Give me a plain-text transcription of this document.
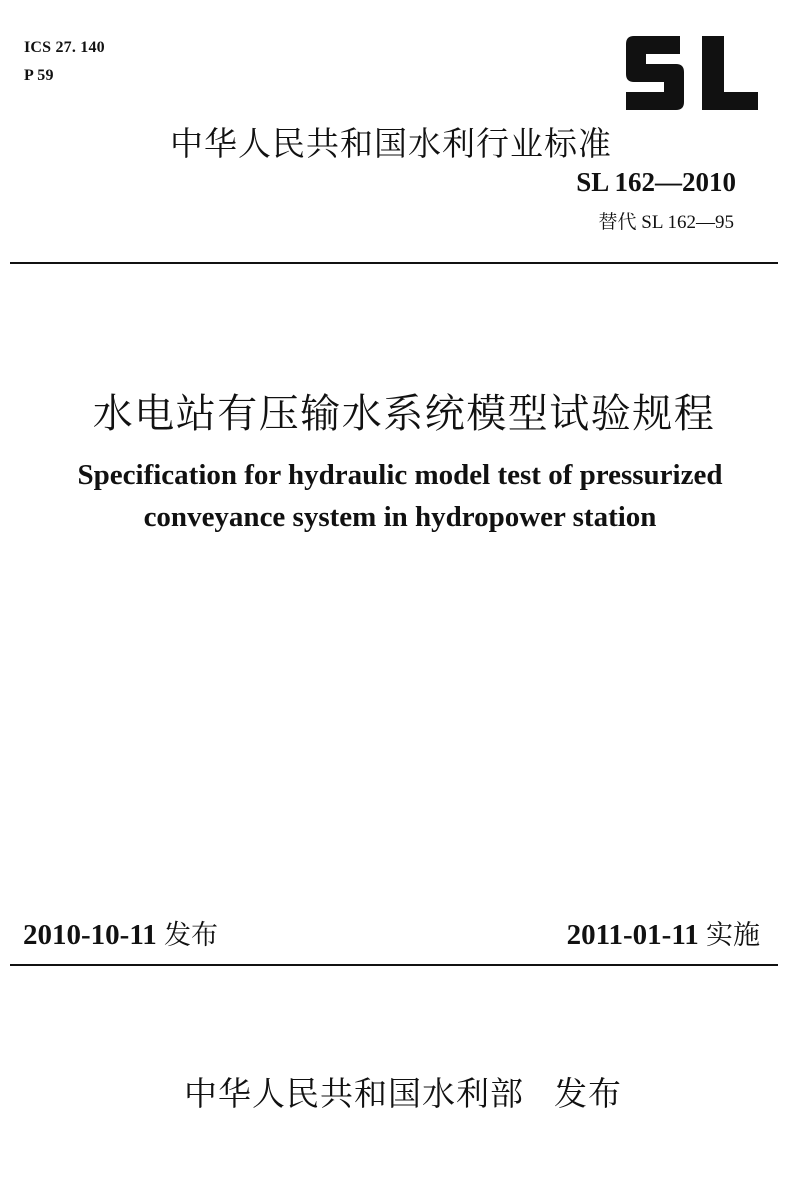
ICS 27. 140
P 59
中华人民共和国水利行业标准
SL 162—2010
替代 SL 162—95
水电站有压输水系统模型试验规程
Specification for hydraulic model test of pressurized
conveyance system in hydropower station
2010-10-11 发布	2011-01-11 实施
中华人民共和国水利部 发布
